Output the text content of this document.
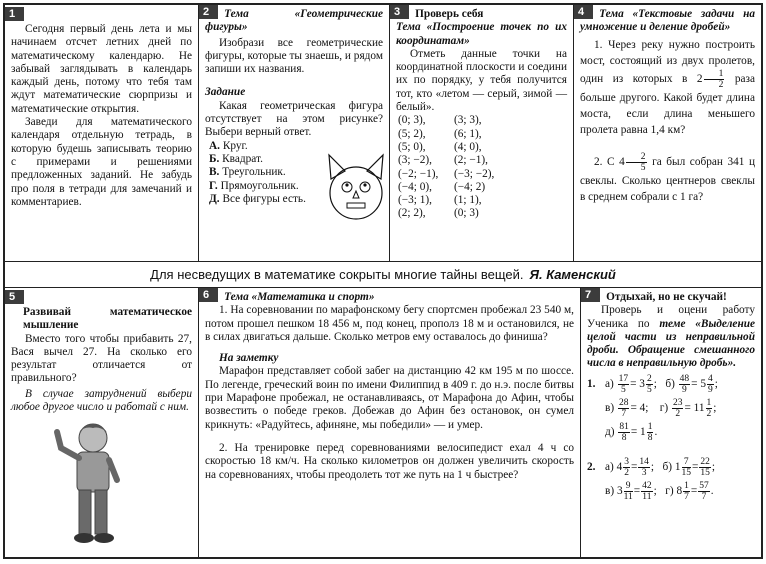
1

Сегодня первый день лета и мы начинаем отсчет летних дней по математическому календарю. Не забывай заглядывать в календарь каждый день, потому что тебя там ждут математические сюрпризы и математические открытия.

Заведи для математического календаря отдельную тетрадь, в которую будешь записывать теорию с примерами и решениями предложенных заданий. Не забудь про поля в тетради для замечаний и комментариев.

2	Тема «Геометрические фигуры»

Изобрази все геометрические фигуры, которые ты знаешь, и рядом запиши их названия.

Задание

Какая геометрическая фигура отсутствует на этом рисунке? Выбери верный ответ.

А. Круг.
Б. Квадрат.
В. Треугольник.
Г. Прямоугольник.
Д. Все фигуры есть.
3	Проверь себя

Тема «Построение точек по их координатам»

Отметь данные точки на координатной плоскости и соедини их по порядку, у тебя получится тот, кто «летом — серый, зимой — белый».

(0; 3),	(3; 3),
(5; 2),	(6; 1),
(5; 0),	(4; 0),
(3; −2),	(2; −1),
(−2; −1),	(−3; −2),
(−4; 0),	(−4; 2)
(−3; 1),	(1; 1),
(2; 2),	(0; 3)
4	Тема «Текстовые задачи на умножение и деление дробей»

1. Через реку нужно построить мост, состоящий из двух пролетов, один из которых в $2 \frac{1}{2}$ раза больше другого. Какой будет длина моста, если длина меньшего пролета равна 1,4 км?

2. С $4 \frac{2}{5}$ га был собран 341 ц свеклы. Сколько центнеров свеклы в среднем собрали с 1 га?

Для несведущих в математике сокрыты многие тайны вещей. Я. Каменский
5

Развивай математическое мышление

Вместо того чтобы прибавить 27, Вася вычел 27. На сколько его результат отличается от правильного?

В случае затруднений выбери любое другое число и работай с ним.

6	Тема «Математика и спорт»

1. На соревновании по марафонскому бегу спортсмен пробежал 23 540 м, потом прошел пешком 18 456 м, под конец, прополз 18 м и остановился, не в силах двигаться дальше. Сколько метров ему оставалось до финиша?

На заметку

Марафон представляет собой забег на дистанцию 42 км 195 м по шоссе. По легенде, греческий воин по имени Филиппид в 409 г. до н.э. после битвы при Марафоне пробежал, не останавливаясь, от Марафона до Афин, чтобы возвестить о победе греков. Добежав до Афин без остановок, он сумел крикнуть: «Радуйтесь, афиняне, мы победили» — и умер.

2. На тренировке перед соревнованиями велосипедист ехал 4 ч со скоростью 18 км/ч. На сколько километров он должен увеличить скорость на соревнованиях, чтобы преодолеть тот же путь на 1 ч быстрее?

7	Отдыхай, но не скучай!

Проверь и оцени работу Ученика по теме «Выделение целой части из неправильной дроби. Обращение смешанного числа в неправильную дробь».

1. а)
$\frac{17}{5} = 3 \frac{2}{5}$ ; б)
$\frac{48}{9} = 5 \frac{4}{9}$ ;
в)
$\frac{28}{7} = 4$;
г)
$\frac{23}{2} = 11 \frac{1}{2}$ ;
д)
$\frac{81}{8} = 1 \frac{1}{8}$ .
2. а)
$4 \frac{3}{2} = \frac{14}{3}$ ; б)
$1 \frac{7}{15} = \frac{22}{15}$ ;
в)
$3 \frac{9}{11} = \frac{42}{11}$ ; г)
$8 \frac{1}{7} = \frac{57}{7}$ .
